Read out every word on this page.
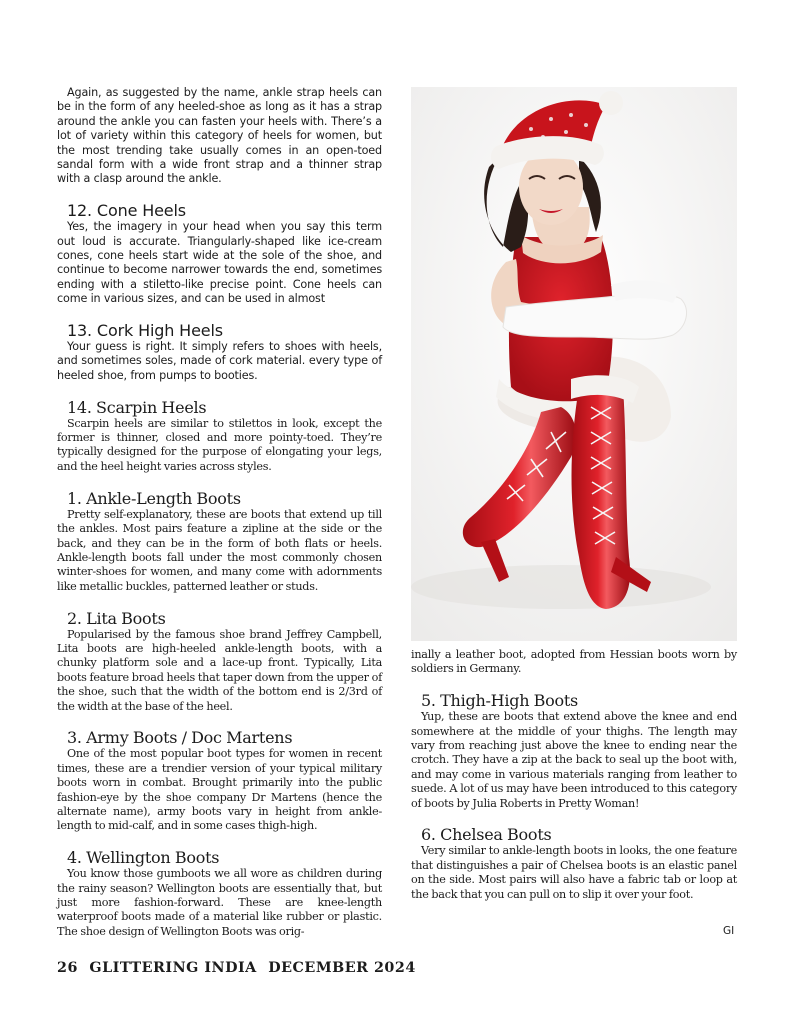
Again, as suggested by the name, ankle strap heels can be in the form of any heeled-shoe as long as it has a strap around the ankle you can fasten your heels with. There’s a lot of variety within this category of heels for women, but the most trending take usually comes in an open-toed sandal form with a wide front strap and a thinner strap with a clasp around the ankle.

12. Cone Heels

Yes, the imagery in your head when you say this term out loud is accurate. Triangularly-shaped like ice-cream cones, cone heels start wide at the sole of the shoe, and continue to become narrower towards the end, sometimes ending with a stiletto-like precise point. Cone heels can come in various sizes, and can be used in almost

13. Cork High Heels

Your guess is right. It simply refers to shoes with heels, and sometimes soles, made of cork material. every type of heeled shoe, from pumps to booties.

14. Scarpin Heels

Scarpin heels are similar to stilettos in look, except the former is thinner, closed and more pointy-toed. They’re typically designed for the purpose of elongating your legs, and the heel height varies across styles.

1. Ankle-Length Boots

Pretty self-explanatory, these are boots that extend up till the ankles. Most pairs feature a zipline at the side or the back, and they can be in the form of both flats or heels. Ankle-length boots fall under the most commonly chosen winter-shoes for women, and many come with adornments like metallic buckles, patterned leather or studs.

2. Lita Boots

Popularised by the famous shoe brand Jeffrey Campbell, Lita boots are high-heeled ankle-length boots, with a chunky platform sole and a lace-up front. Typically, Lita boots feature broad heels that taper down from the upper of the shoe, such that the width of the bottom end is 2/3rd of the width at the base of the heel.

3. Army Boots / Doc Martens

One of the most popular boot types for women in recent times, these are a trendier version of your typical military boots worn in combat. Brought primarily into the public fashion-eye by the shoe company Dr Martens (hence the alternate name), army boots vary in height from ankle-length to mid-calf, and in some cases thigh-high.

4. Wellington Boots

You know those gumboots we all wore as children during the rainy season? Wellington boots are essentially that, but just more fashion-forward. These are knee-length waterproof boots made of a material like rubber or plastic. The shoe design of Wellington Boots was orig-

inally a leather boot, adopted from Hessian boots worn by soldiers in Germany.

5. Thigh-High Boots

Yup, these are boots that extend above the knee and end somewhere at the middle of your thighs. The length may vary from reaching just above the knee to ending near the crotch. They have a zip at the back to seal up the boot with, and may come in various materials ranging from leather to suede. A lot of us may have been introduced to this category of boots by Julia Roberts in Pretty Woman!

6. Chelsea Boots

Very similar to ankle-length boots in looks, the one feature that distinguishes a pair of Chelsea boots is an elastic panel on the side. Most pairs will also have a fabric tab or loop at the back that you can pull on to slip it over your foot.

GI
26 GLITTERING INDIA DECEMBER 2024
